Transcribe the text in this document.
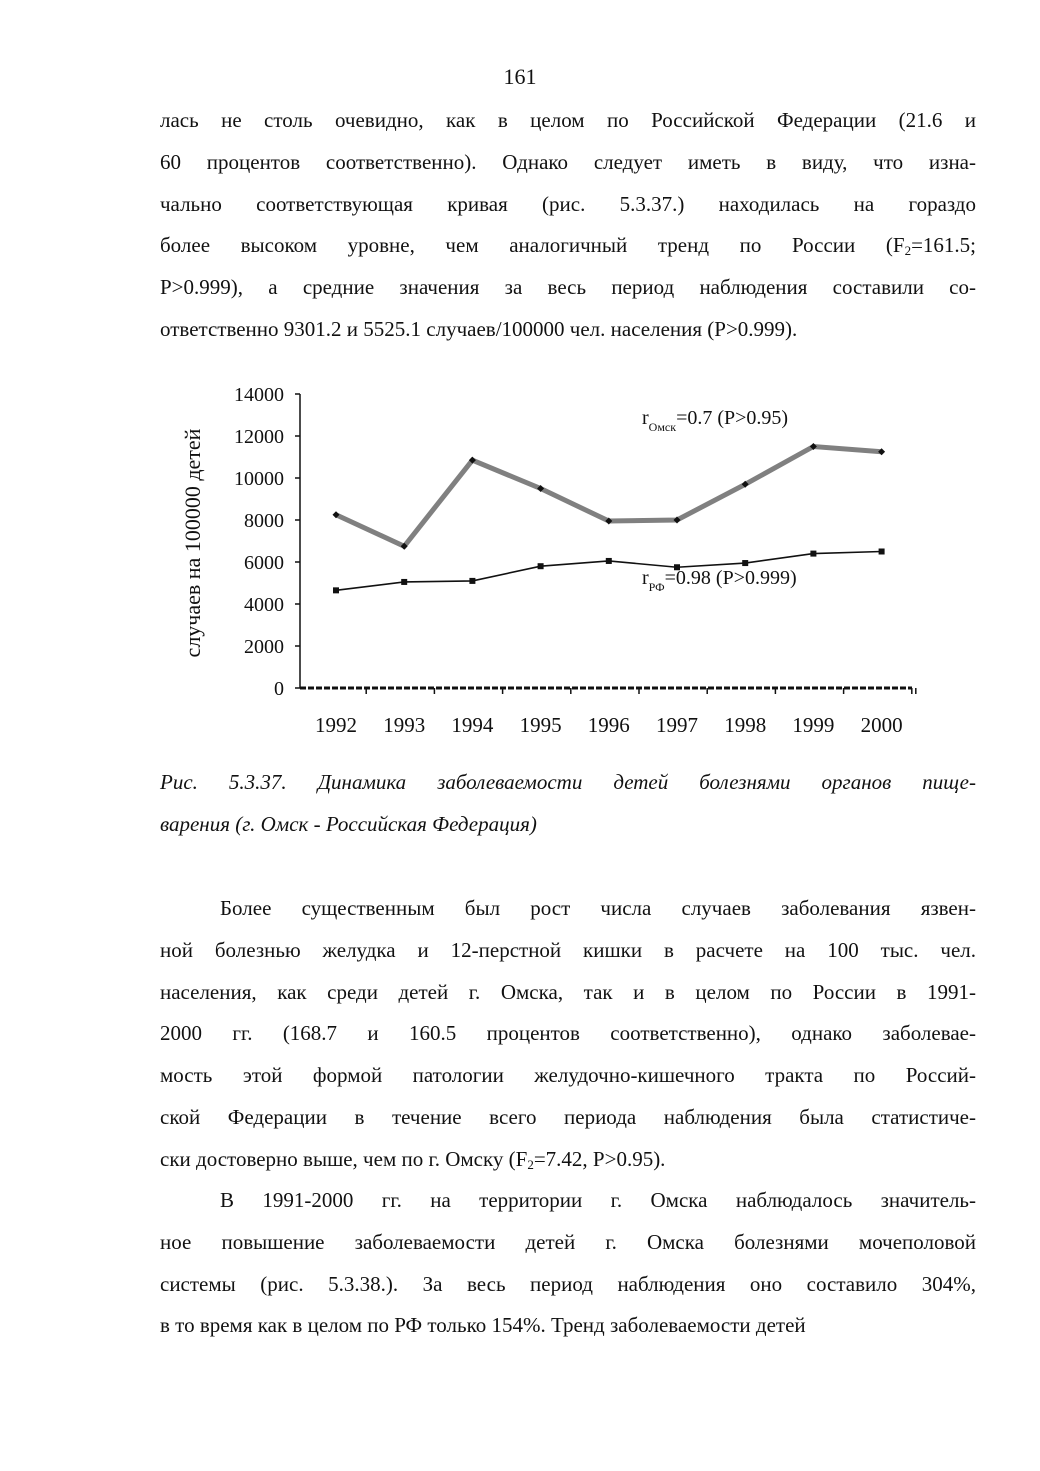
161
лась не столь очевидно, как в целом по Российской Федерации (21.6 и
60 процентов соответственно). Однако следует иметь в виду, что изна-
чально соответствующая кривая (рис. 5.3.37.) находилась на гораздо
более высоком уровне, чем аналогичный тренд по России ($F_2=161.5$;
P>0.999), а средние значения за весь период наблюдения составили со-
ответственно 9301.2 и 5525.1 случаев/100000 чел. населения (P>0.999).
0
2000
4000
6000
8000
10000
12000
14000
1992 1993 1994 1995 1996 1997 1998 1999 2000
случаев на 100000 детей
$r_{Омск}=0.7$ (P>0.95)
$r_{РФ}=0.98$ (P>0.999)
Рис. 5.3.37. Динамика заболеваемости детей болезнями органов пище-
варения (г. Омск - Российская Федерация)
Более существенным был рост числа случаев заболевания язвен-
ной болезнью желудка и 12-перстной кишки в расчете на 100 тыс. чел.
населения, как среди детей г. Омска, так и в целом по России в 1991-
2000 гг. (168.7 и 160.5 процентов соответственно), однако заболевае-
мость этой формой патологии желудочно-кишечного тракта по Россий-
ской Федерации в течение всего периода наблюдения была статистиче-
ски достоверно выше, чем по г. Омску ($F_2=7.42$, P>0.95).
В 1991-2000 гг. на территории г. Омска наблюдалось значитель-
ное повышение заболеваемости детей г. Омска болезнями мочеполовой
системы (рис. 5.3.38.). За весь период наблюдения оно составило 304%,
в то время как в целом по РФ только 154%. Тренд заболеваемости детей
